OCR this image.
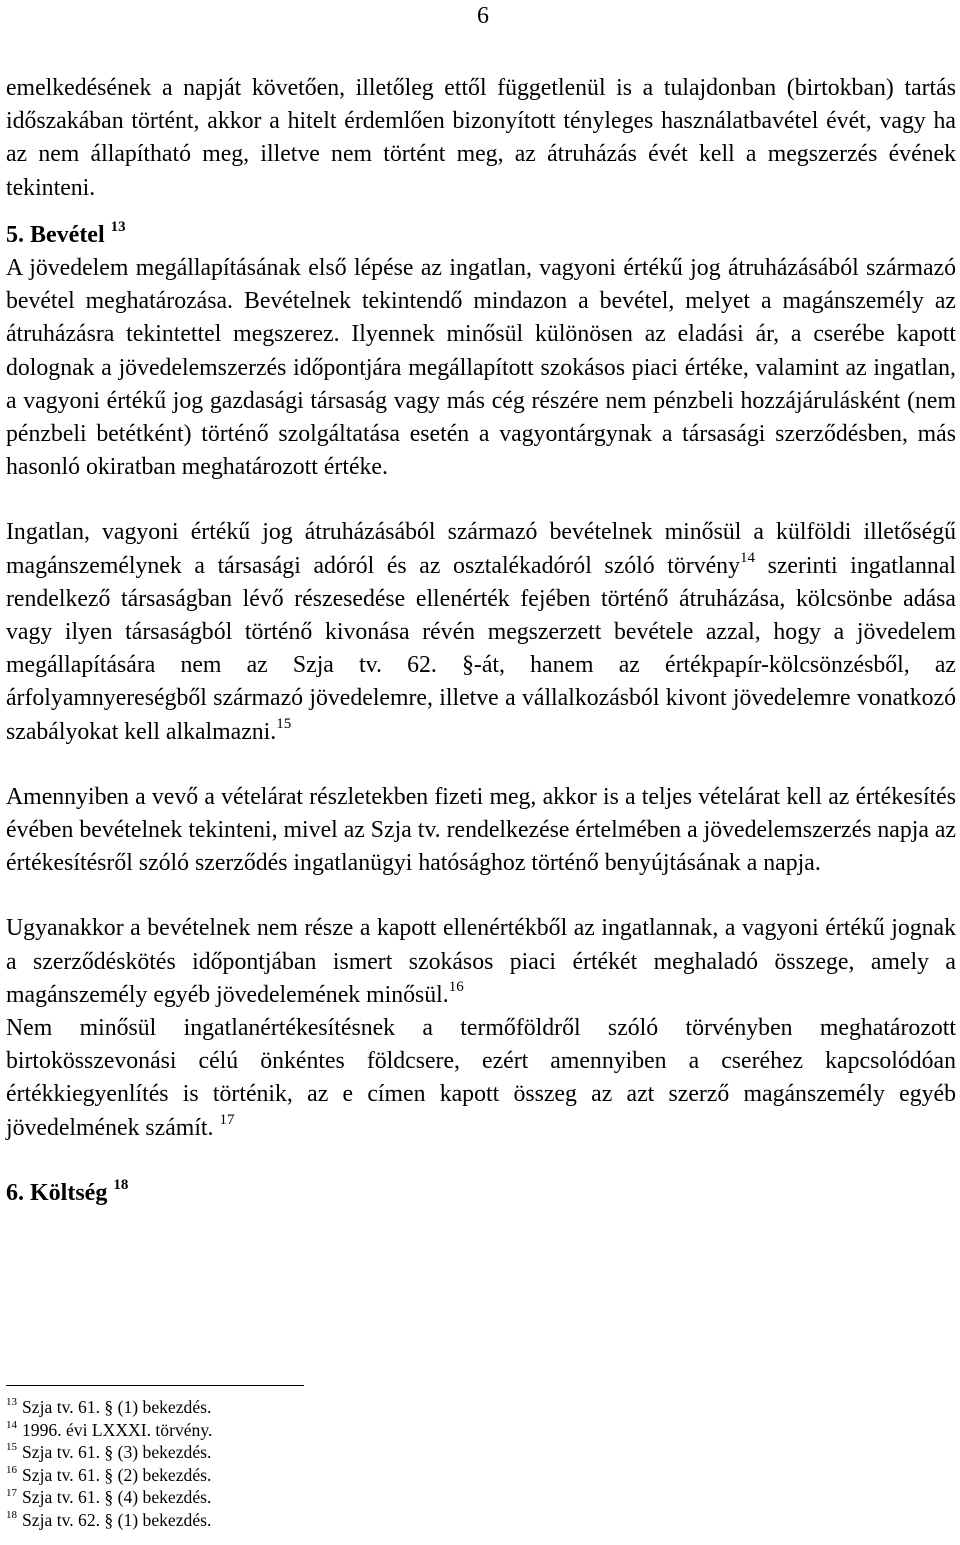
6

emelkedésének a napját követően, illetőleg ettől függetlenül is a tulajdonban (birtokban) tartás időszakában történt, akkor a hitelt érdemlően bizonyított tényleges használatbavétel évét, vagy ha az nem állapítható meg, illetve nem történt meg, az átruházás évét kell a megszerzés évének tekinteni.

5. Bevétel $^{13}$

A jövedelem megállapításának első lépése az ingatlan, vagyoni értékű jog átruházásából származó bevétel meghatározása. Bevételnek tekintendő mindazon a bevétel, melyet a magánszemély az átruházásra tekintettel megszerez. Ilyennek minősül különösen az eladási ár, a cserébe kapott dolognak a jövedelemszerzés időpontjára megállapított szokásos piaci értéke, valamint az ingatlan, a vagyoni értékű jog gazdasági társaság vagy más cég részére nem pénzbeli hozzájárulásként (nem pénzbeli betétként) történő szolgáltatása esetén a vagyontárgynak a társasági szerződésben, más hasonló okiratban meghatározott értéke.

Ingatlan, vagyoni értékű jog átruházásából származó bevételnek minősül a külföldi illetőségű magánszemélynek a társasági adóról és az osztalékadóról szóló törvény$^{14}$ szerinti ingatlannal rendelkező társaságban lévő részesedése ellenérték fejében történő átruházása, kölcsönbe adása vagy ilyen társaságból történő kivonása révén megszerzett bevétele azzal, hogy a jövedelem megállapítására nem az Szja tv. 62. §-át, hanem az értékpapír-kölcsönzésből, az árfolyamnyereségből származó jövedelemre, illetve a vállalkozásból kivont jövedelemre vonatkozó szabályokat kell alkalmazni.$^{15}$

Amennyiben a vevő a vételárat részletekben fizeti meg, akkor is a teljes vételárat kell az értékesítés évében bevételnek tekinteni, mivel az Szja tv. rendelkezése értelmében a jövedelemszerzés napja az értékesítésről szóló szerződés ingatlanügyi hatósághoz történő benyújtásának a napja.

Ugyanakkor a bevételnek nem része a kapott ellenértékből az ingatlannak, a vagyoni értékű jognak a szerződéskötés időpontjában ismert szokásos piaci értékét meghaladó összege, amely a magánszemély egyéb jövedelemének minősül.$^{16}$

Nem minősül ingatlanértékesítésnek a termőföldről szóló törvényben meghatározott birtokösszevonási célú önkéntes földcsere, ezért amennyiben a cseréhez kapcsolódóan értékkiegyenlítés is történik, az e címen kapott összeg az azt szerző magánszemély egyéb jövedelmének számít. $^{17}$

6. Költség $^{18}$

$^{13}$ Szja tv. 61. § (1) bekezdés.
$^{14}$ 1996. évi LXXXI. törvény.
$^{15}$ Szja tv. 61. § (3) bekezdés.
$^{16}$ Szja tv. 61. § (2) bekezdés.
$^{17}$ Szja tv. 61. § (4) bekezdés.
$^{18}$ Szja tv. 62. § (1) bekezdés.
